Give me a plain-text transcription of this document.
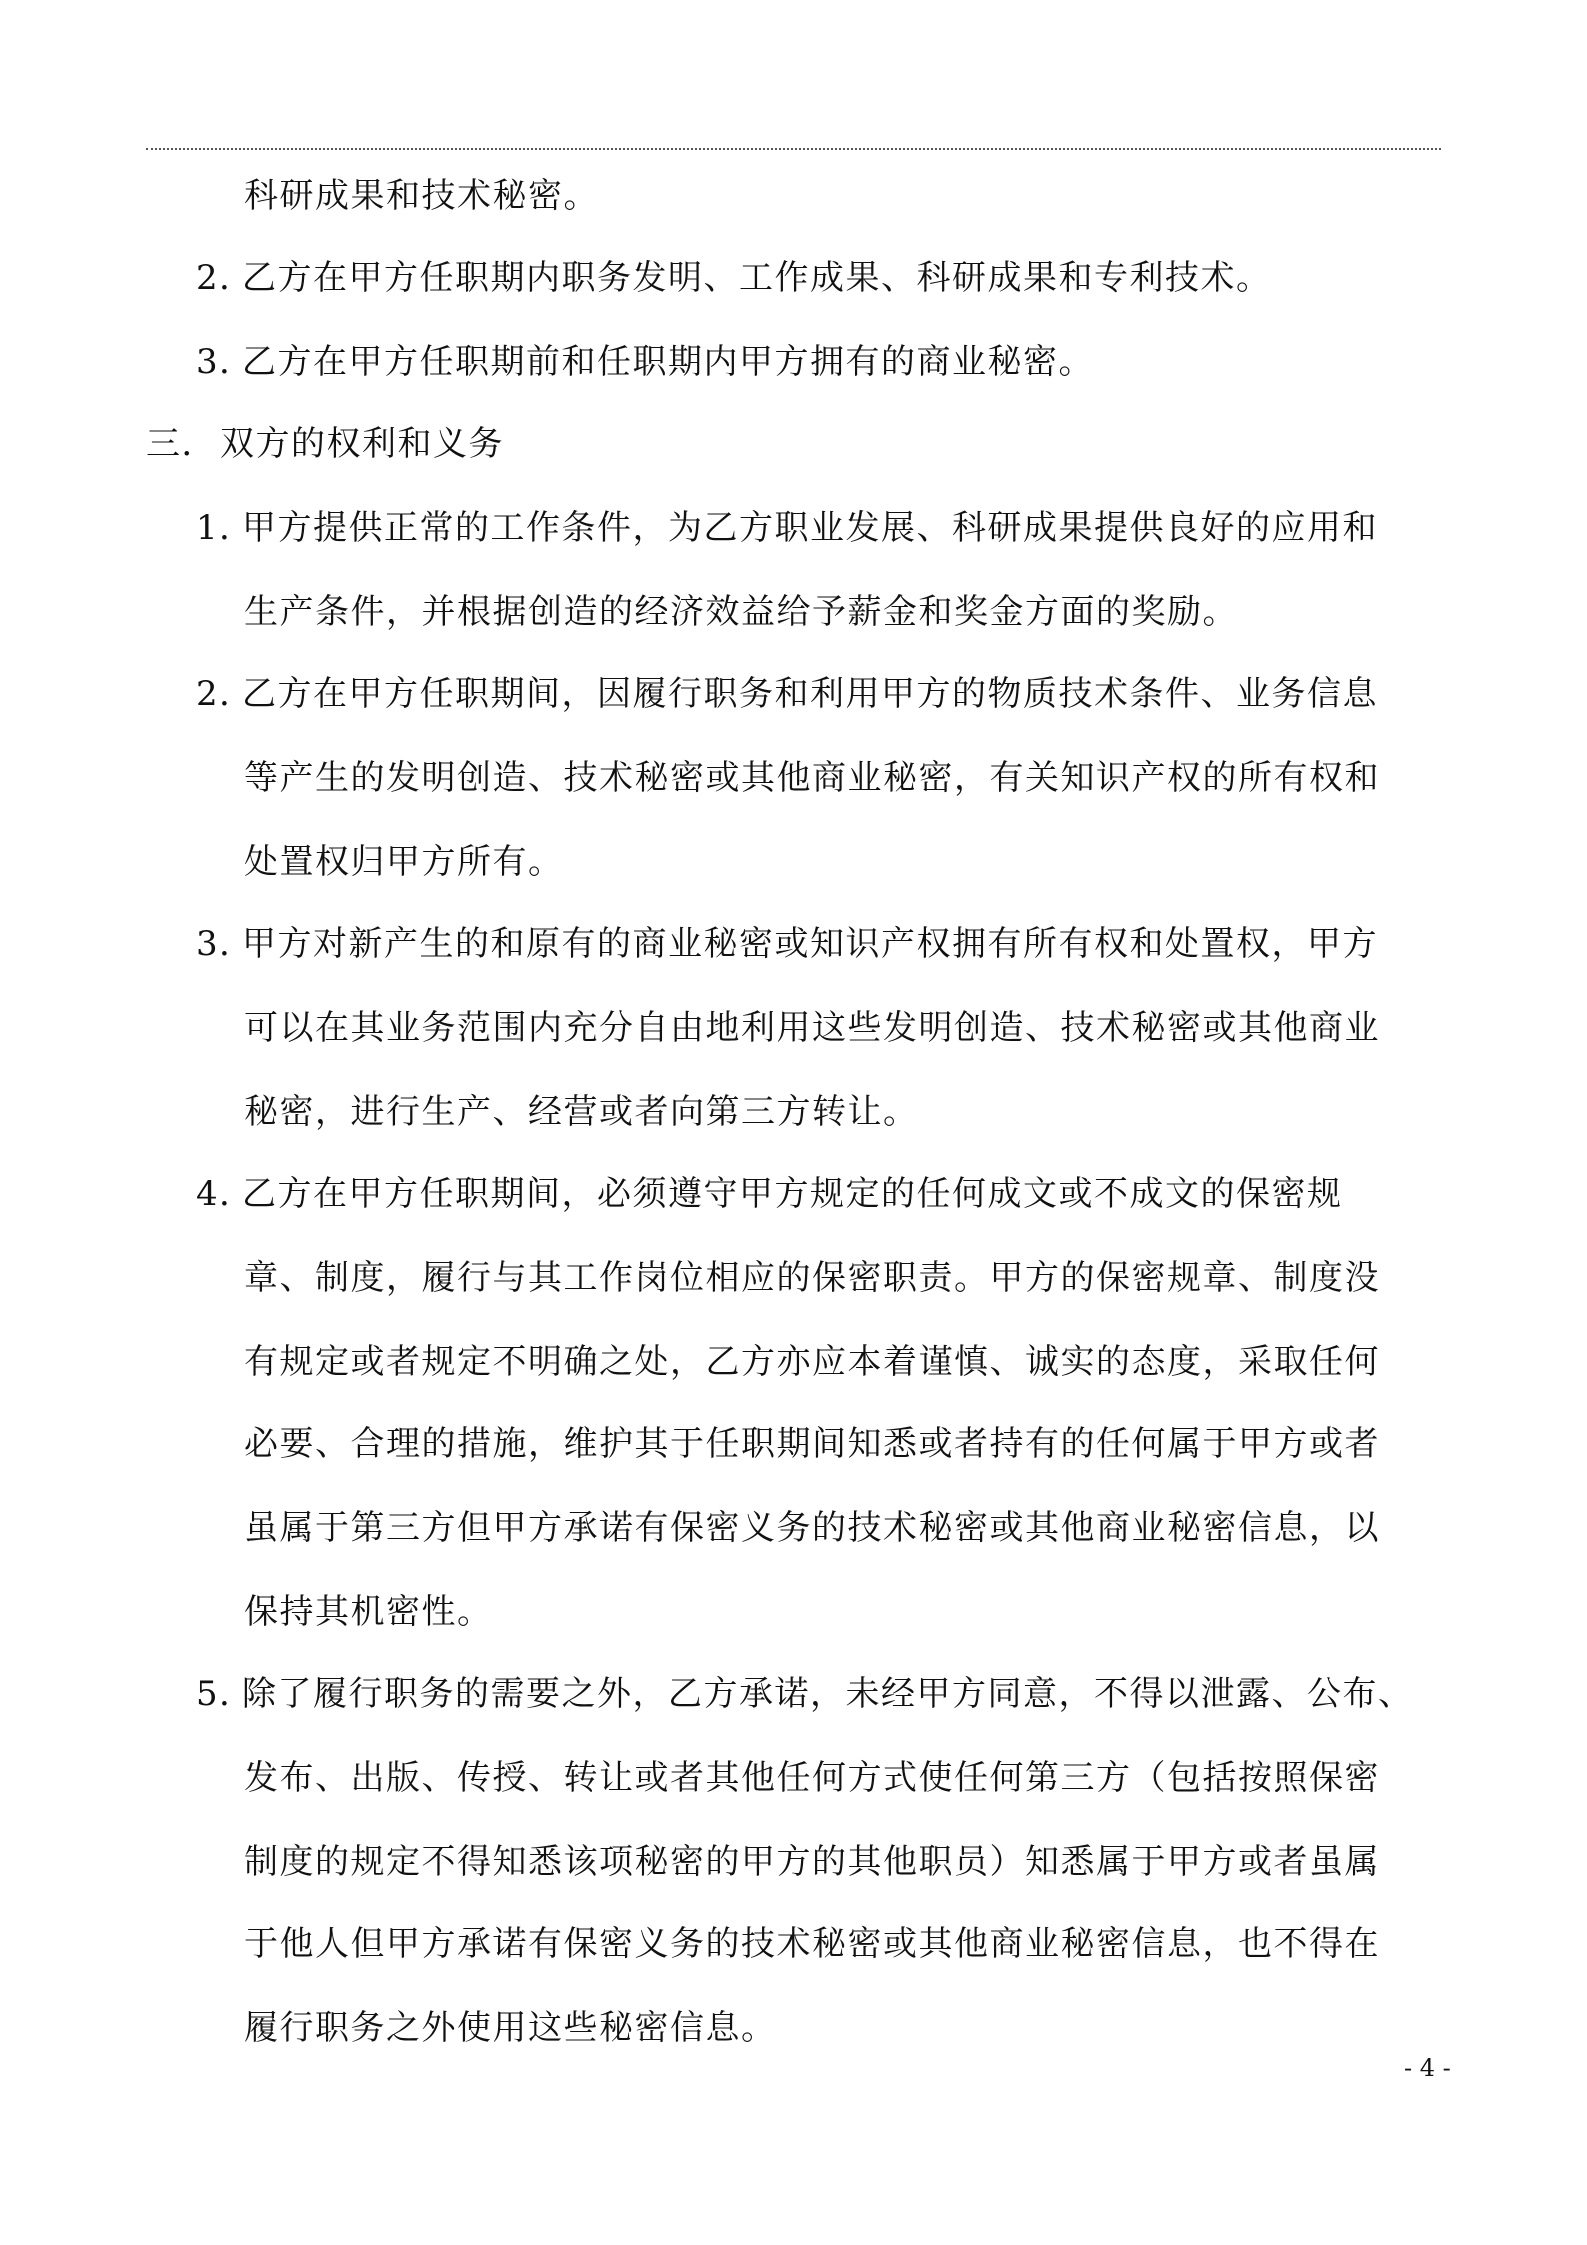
科研成果和技术秘密。
2．乙方在甲方任职期内职务发明、工作成果、科研成果和专利技术。
3．乙方在甲方任职期前和任职期内甲方拥有的商业秘密。
三．双方的权利和义务
1．甲方提供正常的工作条件，为乙方职业发展、科研成果提供良好的应用和
生产条件，并根据创造的经济效益给予薪金和奖金方面的奖励。
2．乙方在甲方任职期间，因履行职务和利用甲方的物质技术条件、业务信息
等产生的发明创造、技术秘密或其他商业秘密，有关知识产权的所有权和
处置权归甲方所有。
3．甲方对新产生的和原有的商业秘密或知识产权拥有所有权和处置权，甲方
可以在其业务范围内充分自由地利用这些发明创造、技术秘密或其他商业
秘密，进行生产、经营或者向第三方转让。
4．乙方在甲方任职期间，必须遵守甲方规定的任何成文或不成文的保密规
章、制度，履行与其工作岗位相应的保密职责。甲方的保密规章、制度没
有规定或者规定不明确之处，乙方亦应本着谨慎、诚实的态度，采取任何
必要、合理的措施，维护其于任职期间知悉或者持有的任何属于甲方或者
虽属于第三方但甲方承诺有保密义务的技术秘密或其他商业秘密信息，以
保持其机密性。
5．除了履行职务的需要之外，乙方承诺，未经甲方同意，不得以泄露、公布、
发布、出版、传授、转让或者其他任何方式使任何第三方（包括按照保密
制度的规定不得知悉该项秘密的甲方的其他职员）知悉属于甲方或者虽属
于他人但甲方承诺有保密义务的技术秘密或其他商业秘密信息，也不得在
履行职务之外使用这些秘密信息。
- 4 -
